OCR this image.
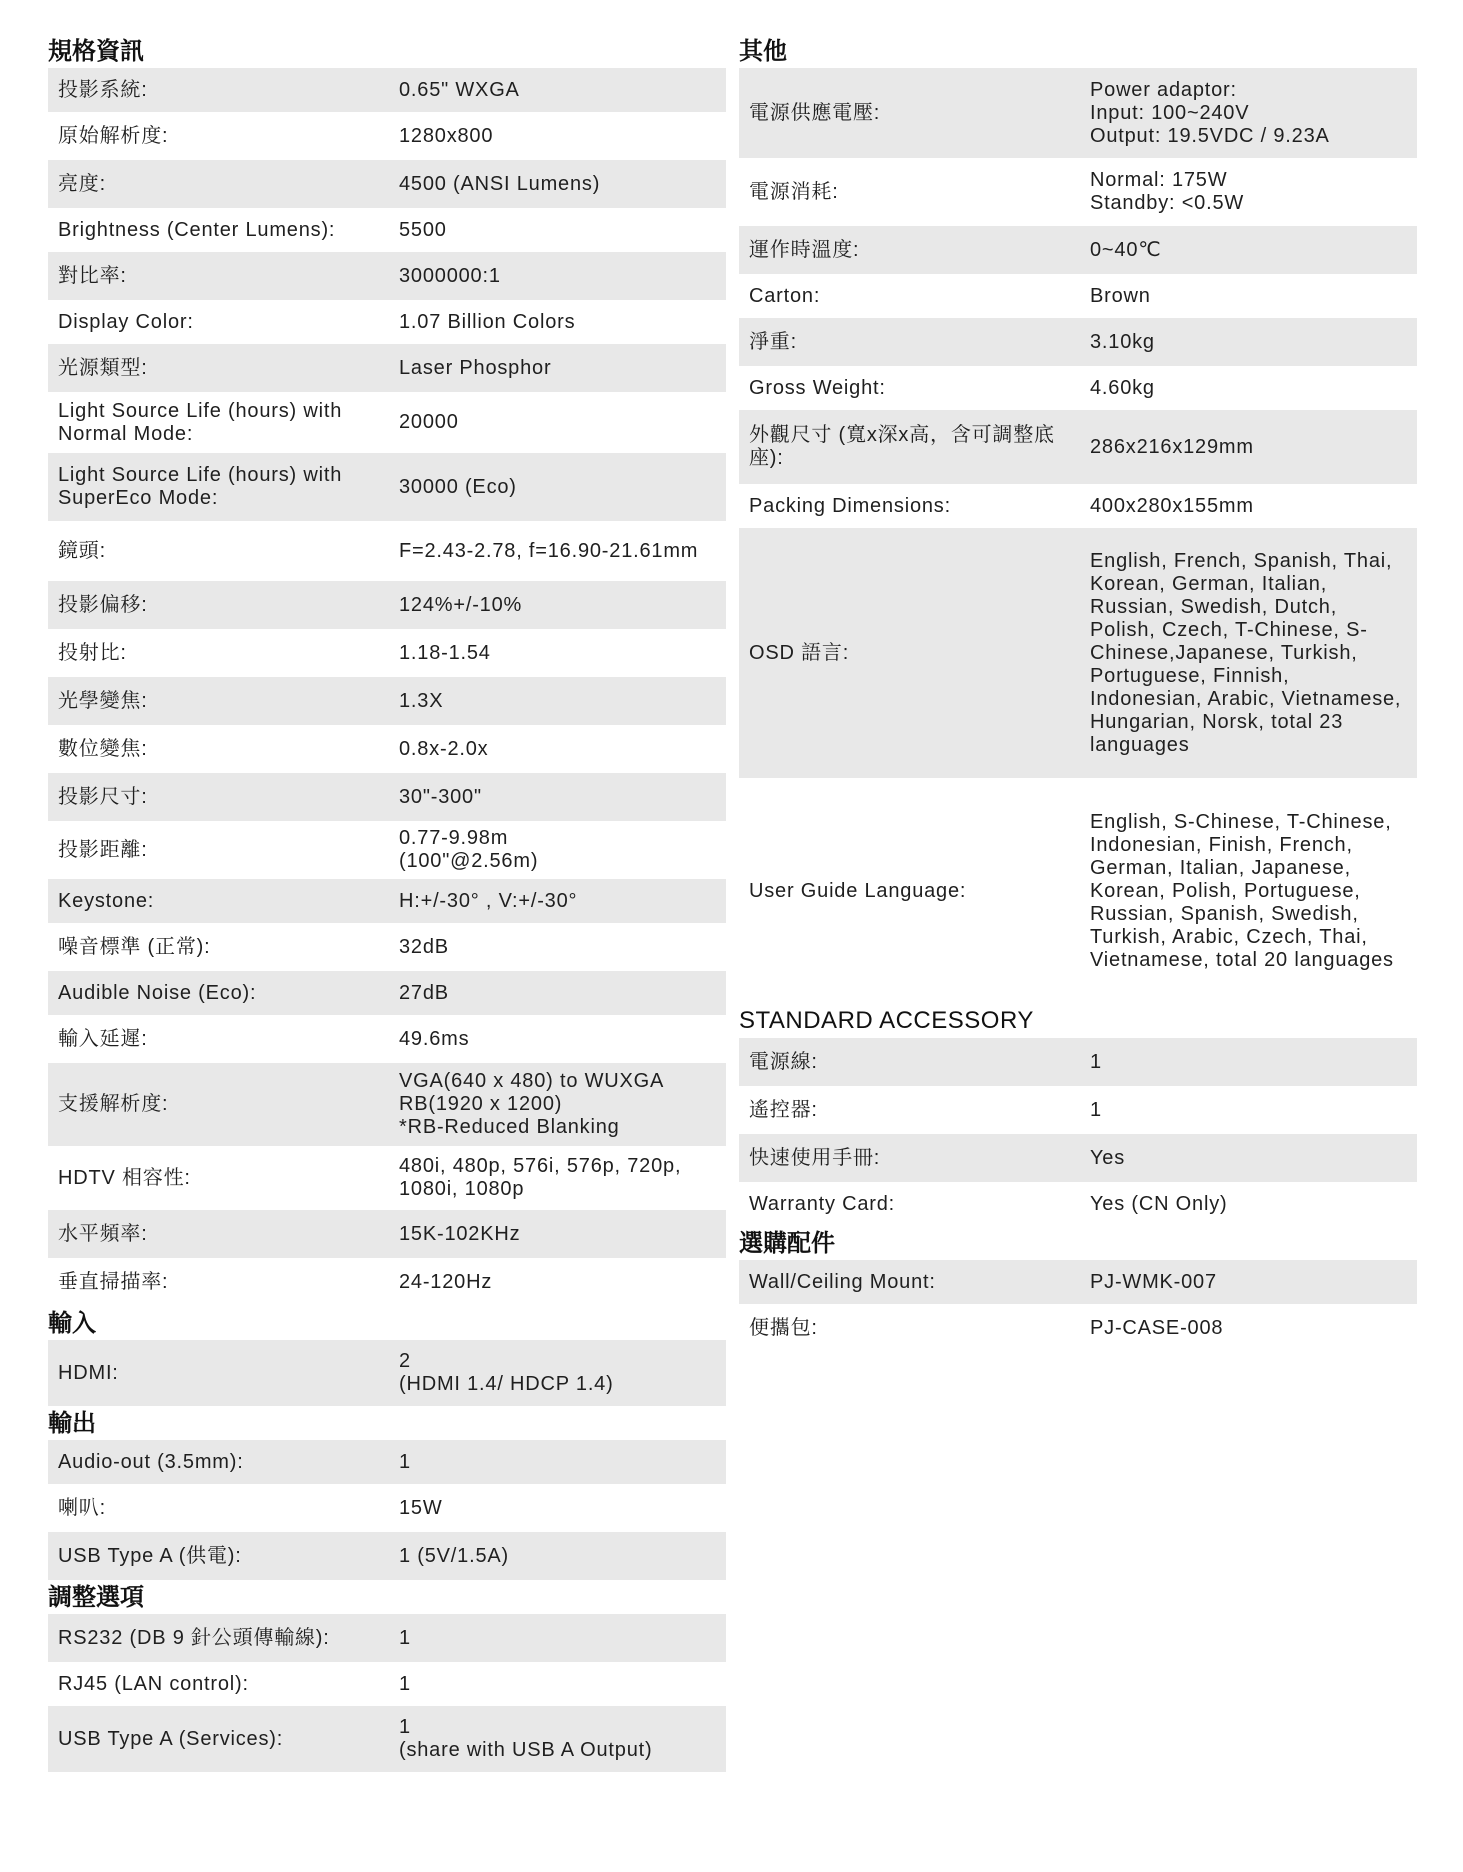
規格資訊
投影系統:	0.65" WXGA
原始解析度:	1280x800
亮度:	4500 (ANSI Lumens)
Brightness (Center Lumens):	5500
對比率:	3000000:1
Display Color:	1.07 Billion Colors
光源類型:	Laser Phosphor
Light Source Life (hours) with Normal Mode:
20000
Light Source Life (hours) with SuperEco Mode:
30000 (Eco)
鏡頭:	F=2.43-2.78, f=16.90-21.61mm
投影偏移:	124%+/-10%
投射比:	1.18-1.54
光學變焦:	1.3X
數位變焦:	0.8x-2.0x
投影尺寸:	30"-300"
投影距離:
0.77-9.98m
(100"@2.56m)
Keystone:	H:+/-30° , V:+/-30°
噪音標準 (正常):	32dB
Audible Noise (Eco):	27dB
輸入延遲:	49.6ms
支援解析度:
VGA(640 x 480) to WUXGA RB(1920 x 1200)
*RB-Reduced Blanking
HDTV 相容性:
480i, 480p, 576i, 576p, 720p, 1080i, 1080p
水平頻率:	15K-102KHz
垂直掃描率:	24-120Hz
輸入
HDMI:
2
(HDMI 1.4/ HDCP 1.4)
輸出
Audio-out (3.5mm):	1
喇叭:	15W
USB Type A (供電):	1 (5V/1.5A)
調整選項
RS232 (DB 9 針公頭傳輸線):	1
RJ45 (LAN control):	1
USB Type A (Services):
1
(share with USB A Output)
其他
電源供應電壓:
Power adaptor:
Input: 100~240V
Output: 19.5VDC / 9.23A
電源消耗:
Normal: 175W
Standby: <0.5W
運作時溫度:	0~40℃
Carton:	Brown
淨重:	3.10kg
Gross Weight:	4.60kg
外觀尺寸 (寬x深x高，含可調整底座):
286x216x129mm
Packing Dimensions:	400x280x155mm
OSD 語言:
English, French, Spanish, Thai, Korean, German, Italian, Russian, Swedish, Dutch, Polish, Czech, T-Chinese, S-Chinese,Japanese, Turkish, Portuguese, Finnish, Indonesian, Arabic, Vietnamese, Hungarian, Norsk, total 23 languages
User Guide Language:
English, S-Chinese, T-Chinese, Indonesian, Finish, French, German, Italian, Japanese, Korean, Polish, Portuguese, Russian, Spanish, Swedish, Turkish, Arabic, Czech, Thai, Vietnamese, total 20 languages
STANDARD ACCESSORY
電源線:	1
遙控器:	1
快速使用手冊:	Yes
Warranty Card:	Yes (CN Only)
選購配件
Wall/Ceiling Mount:	PJ-WMK-007
便攜包:	PJ-CASE-008
